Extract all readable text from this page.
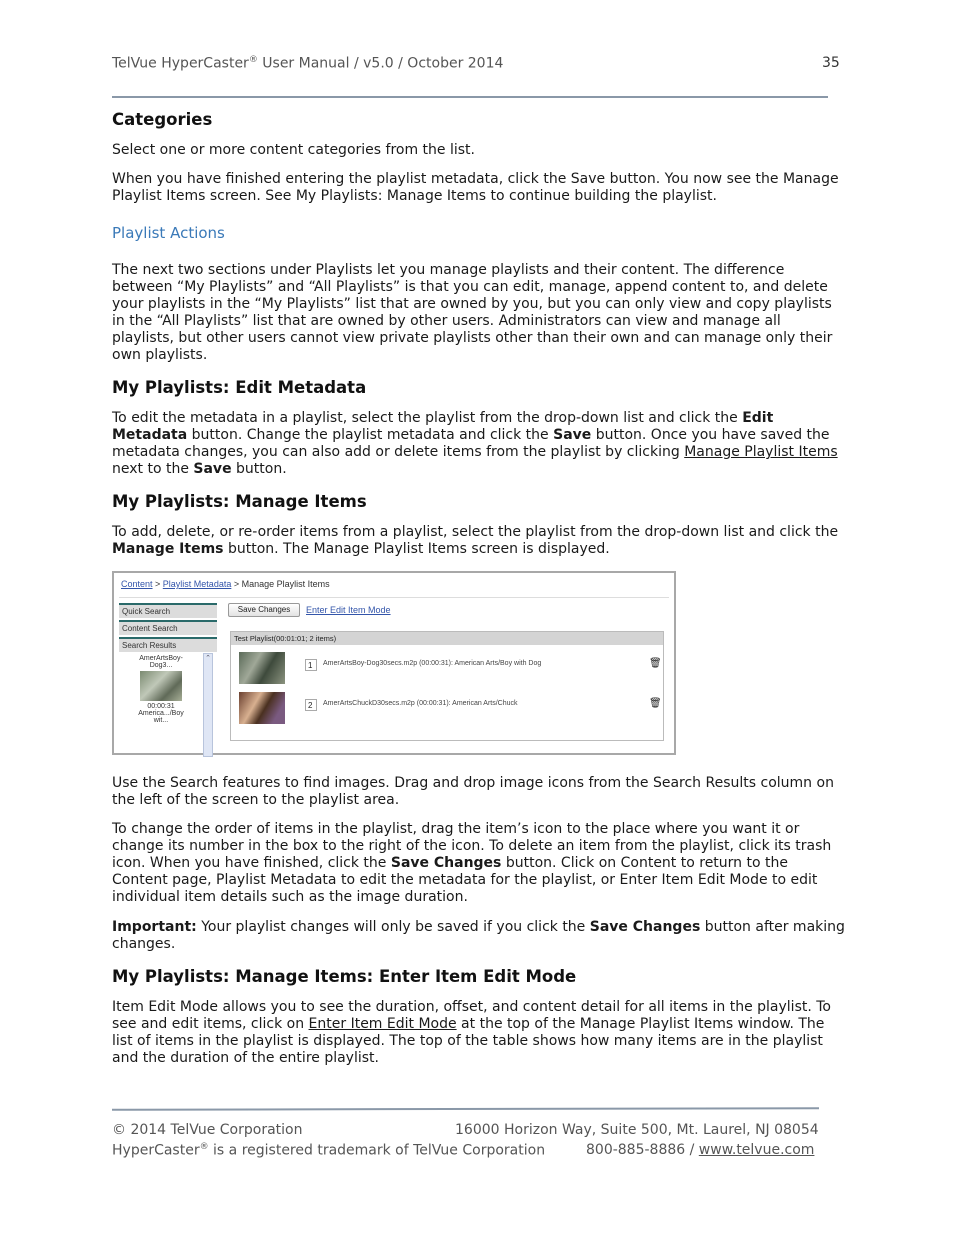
TelVue HyperCaster® User Manual / v5.0 / October 2014	35
Categories
Select one or more content categories from the list.
When you have finished entering the playlist metadata, click the Save button. You now see the Manage Playlist Items screen. See My Playlists: Manage Items to continue building the playlist.
Playlist Actions
The next two sections under Playlists let you manage playlists and their content. The difference between “My Playlists” and “All Playlists” is that you can edit, manage, append content to, and delete your playlists in the “My Playlists” list that are owned by you, but you can only view and copy playlists in the “All Playlists” list that are owned by other users. Administrators can view and manage all playlists, but other users cannot view private playlists other than their own and can manage only their own playlists.
My Playlists: Edit Metadata
To edit the metadata in a playlist, select the playlist from the drop-down list and click the Edit Metadata button. Change the playlist metadata and click the Save button. Once you have saved the metadata changes, you can also add or delete items from the playlist by clicking Manage Playlist Items next to the Save button.
My Playlists: Manage Items
To add, delete, or re-order items from a playlist, select the playlist from the drop-down list and click the Manage Items button. The Manage Playlist Items screen is displayed.
Content > Playlist Metadata > Manage Playlist Items
Quick Search
Content Search
Search Results
AmerArtsBoy-Dog3...
00:00:31
America.../Boy wit...
⌃
Save Changes	Enter Edit Item Mode
Test Playlist(00:01:01; 2 items)
1	AmerArtsBoy-Dog30secs.m2p (00:00:31): American Arts/Boy with Dog	🗑
2	AmerArtsChuckD30secs.m2p (00:00:31): American Arts/Chuck	🗑
Use the Search features to find images. Drag and drop image icons from the Search Results column on the left of the screen to the playlist area.
To change the order of items in the playlist, drag the item’s icon to the place where you want it or change its number in the box to the right of the icon. To delete an item from the playlist, click its trash icon. When you have finished, click the Save Changes button. Click on Content to return to the Content page, Playlist Metadata to edit the metadata for the playlist, or Enter Item Edit Mode to edit individual item details such as the image duration.
Important: Your playlist changes will only be saved if you click the Save Changes button after making changes.
My Playlists: Manage Items: Enter Item Edit Mode
Item Edit Mode allows you to see the duration, offset, and content detail for all items in the playlist. To see and edit items, click on Enter Item Edit Mode at the top of the Manage Playlist Items window. The list of items in the playlist is displayed. The top of the table shows how many items are in the playlist and the duration of the entire playlist.
© 2014 TelVue Corporation	16000 Horizon Way, Suite 500, Mt. Laurel, NJ 08054
HyperCaster® is a registered trademark of TelVue Corporation	800-885-8886 / www.telvue.com
